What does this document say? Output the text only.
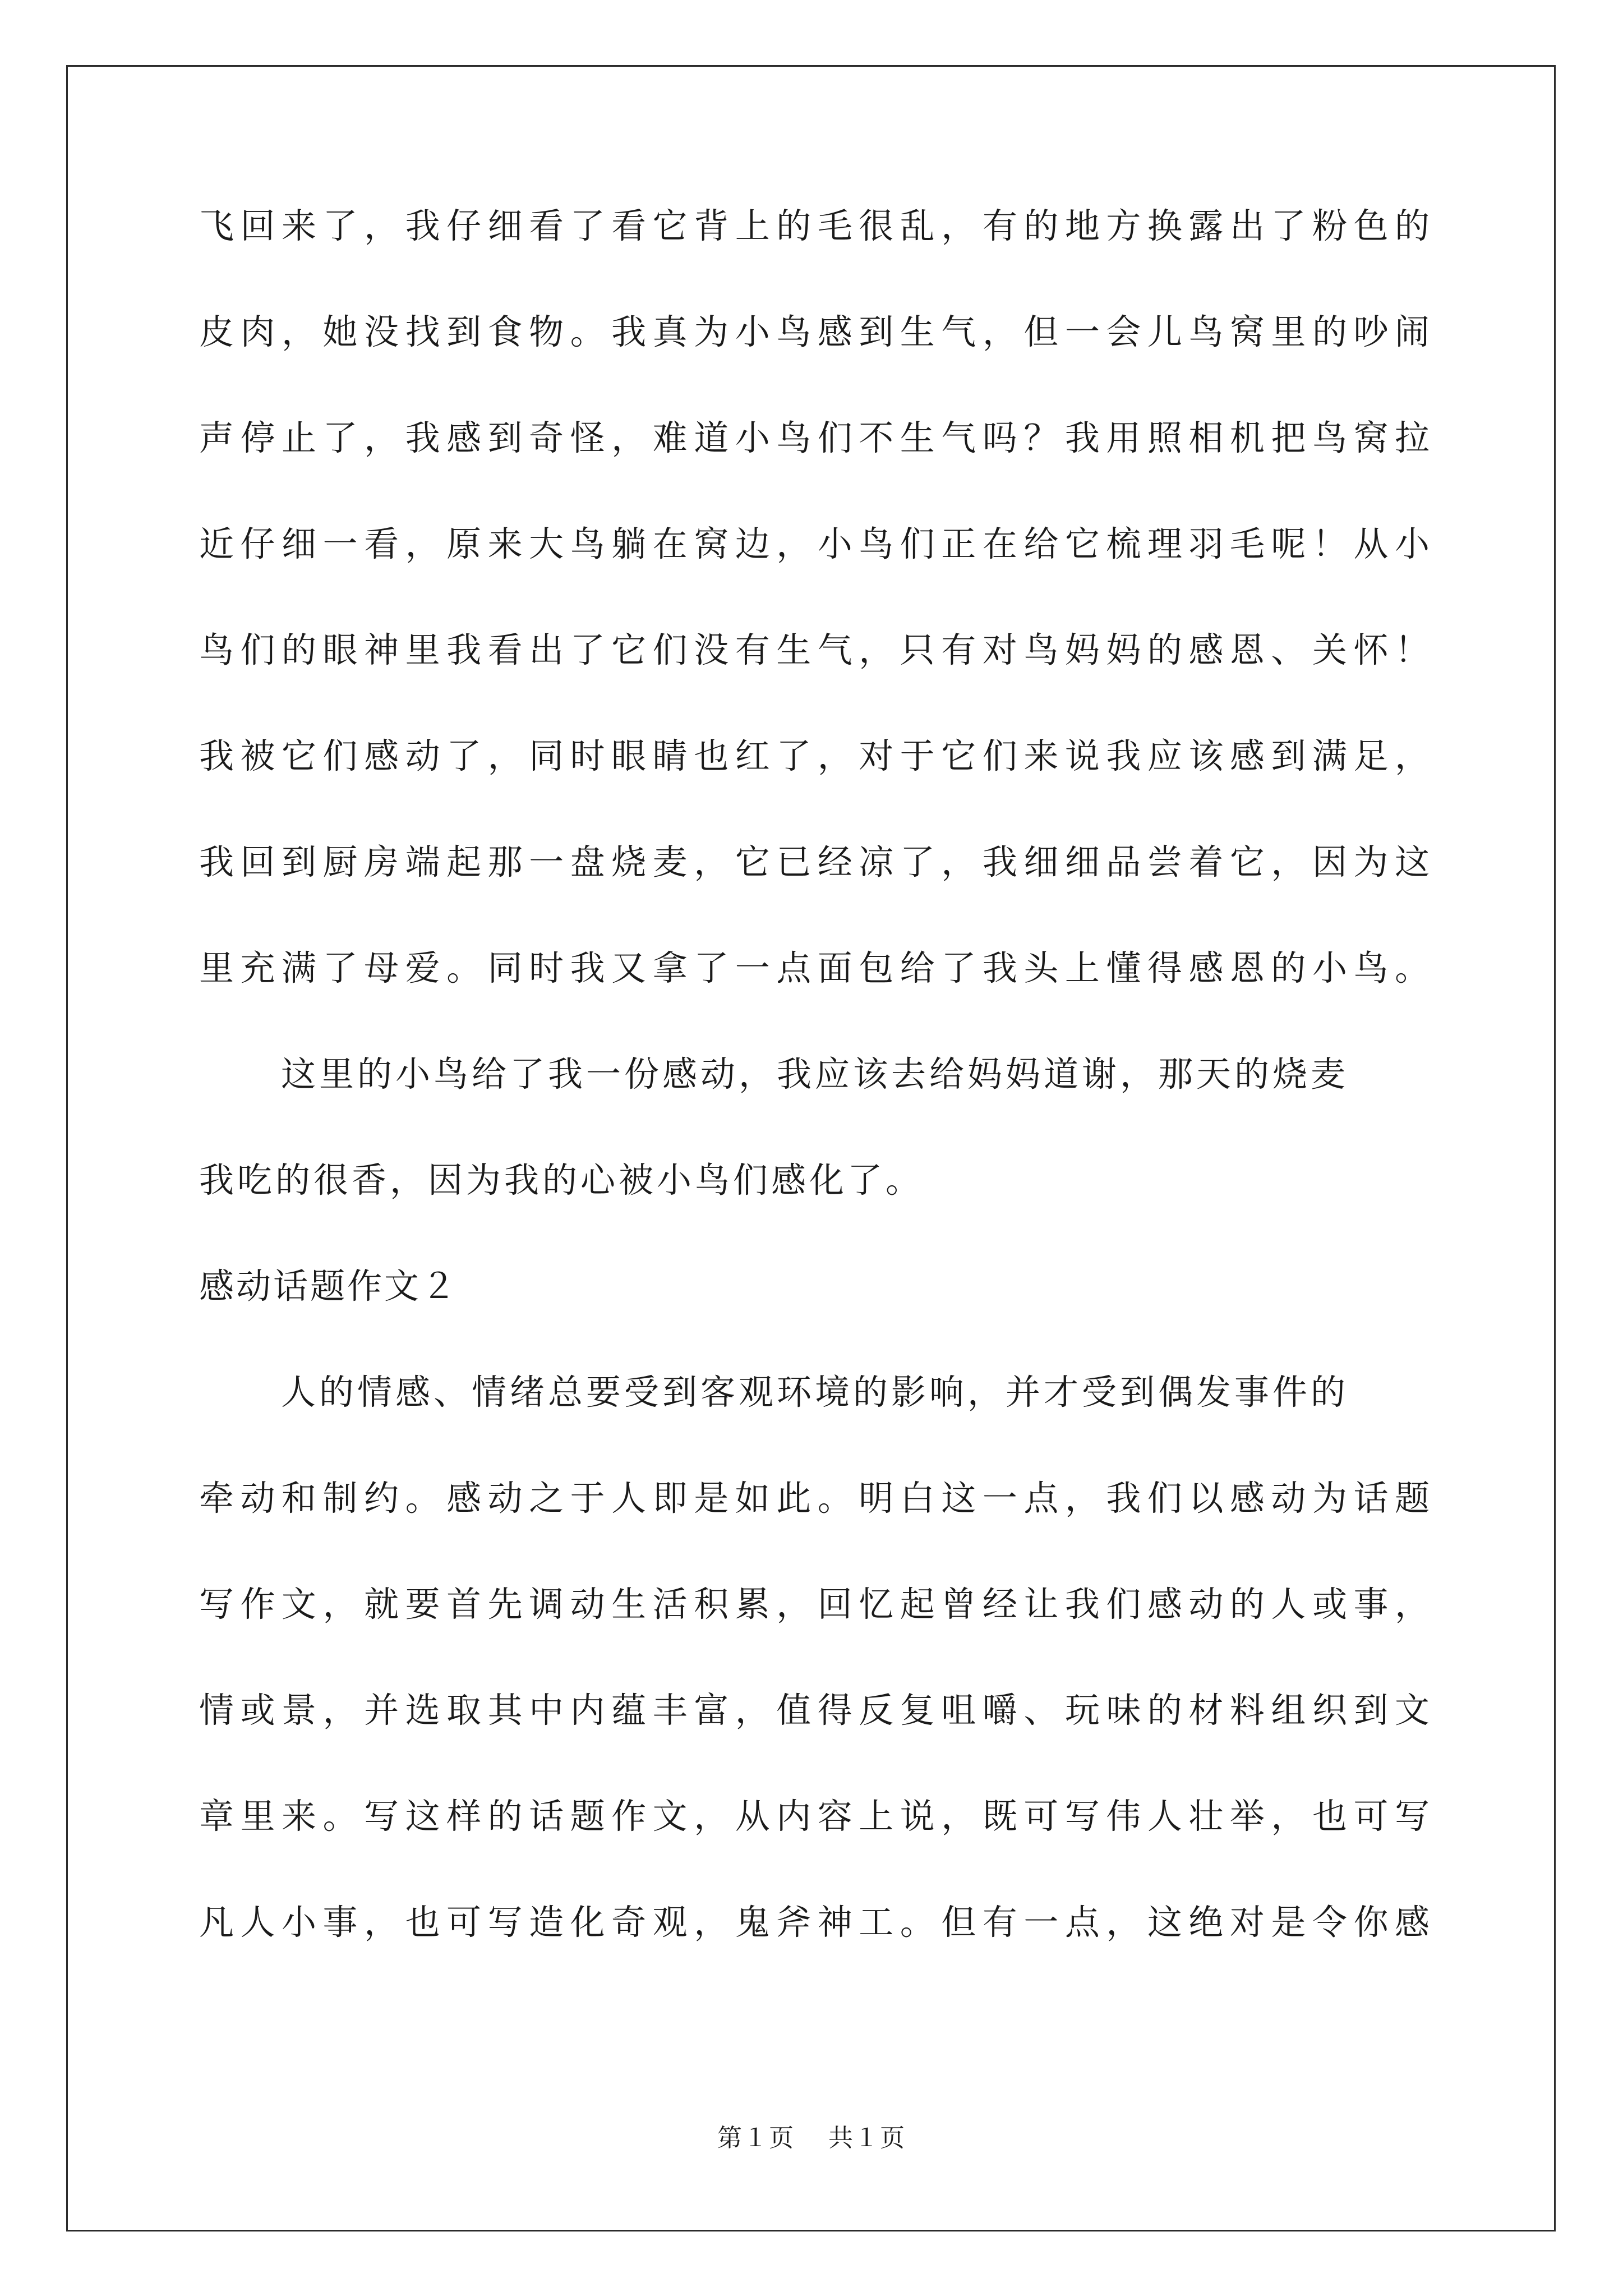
飞回来了，我仔细看了看它背上的毛很乱，有的地方换露出了粉色的
皮肉，她没找到食物。我真为小鸟感到生气，但一会儿鸟窝里的吵闹
声停止了，我感到奇怪，难道小鸟们不生气吗？我用照相机把鸟窝拉
近仔细一看，原来大鸟躺在窝边，小鸟们正在给它梳理羽毛呢！从小
鸟们的眼神里我看出了它们没有生气，只有对鸟妈妈的感恩、关怀！
我被它们感动了，同时眼睛也红了，对于它们来说我应该感到满足，
我回到厨房端起那一盘烧麦，它已经凉了，我细细品尝着它，因为这
里充满了母爱。同时我又拿了一点面包给了我头上懂得感恩的小鸟。
这里的小鸟给了我一份感动，我应该去给妈妈道谢，那天的烧麦
我吃的很香，因为我的心被小鸟们感化了。
感动话题作文２
人的情感、情绪总要受到客观环境的影响，并才受到偶发事件的
牵动和制约。感动之于人即是如此。明白这一点，我们以感动为话题
写作文，就要首先调动生活积累，回忆起曾经让我们感动的人或事，
情或景，并选取其中内蕴丰富，值得反复咀嚼、玩味的材料组织到文
章里来。写这样的话题作文，从内容上说，既可写伟人壮举，也可写
凡人小事，也可写造化奇观，鬼斧神工。但有一点，这绝对是令你感
第１页 共１页
